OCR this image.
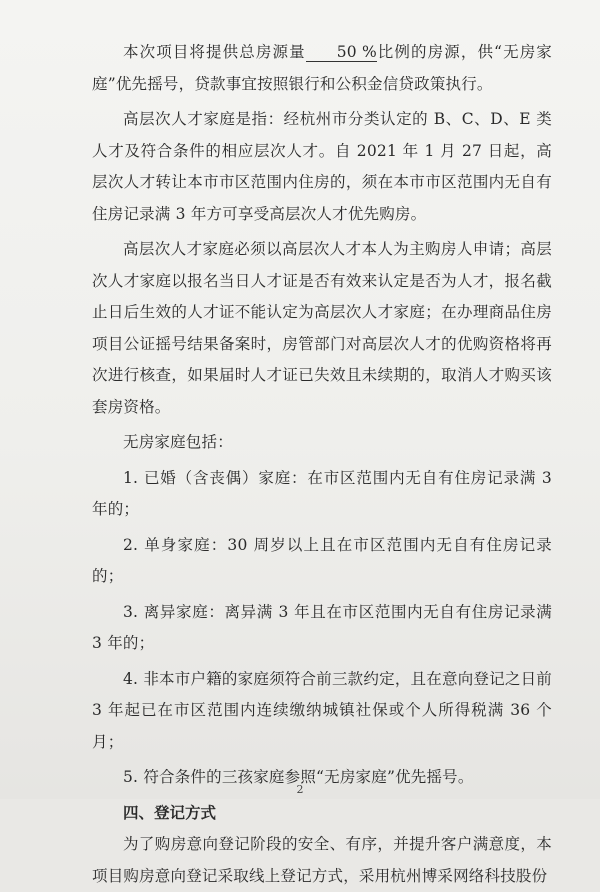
本次项目将提供总房源量 50 %比例的房源，供“无房家庭”优先摇号，贷款事宜按照银行和公积金信贷政策执行。

高层次人才家庭是指：经杭州市分类认定的 B、C、D、E 类人才及符合条件的相应层次人才。自 2021 年 1 月 27 日起，高层次人才转让本市市区范围内住房的，须在本市市区范围内无自有住房记录满 3 年方可享受高层次人才优先购房。

高层次人才家庭必须以高层次人才本人为主购房人申请；高层次人才家庭以报名当日人才证是否有效来认定是否为人才，报名截止日后生效的人才证不能认定为高层次人才家庭；在办理商品住房项目公证摇号结果备案时，房管部门对高层次人才的优购资格将再次进行核查，如果届时人才证已失效且未续期的，取消人才购买该套房资格。

无房家庭包括：

1. 已婚（含丧偶）家庭：在市区范围内无自有住房记录满 3 年的；

2. 单身家庭：30 周岁以上且在市区范围内无自有住房记录的；

3. 离异家庭：离异满 3 年且在市区范围内无自有住房记录满 3 年的；

4. 非本市户籍的家庭须符合前三款约定，且在意向登记之日前 3 年起已在市区范围内连续缴纳城镇社保或个人所得税满 36 个月；

5. 符合条件的三孩家庭参照“无房家庭”优先摇号。

四、登记方式

为了购房意向登记阶段的安全、有序，并提升客户满意度，本项目购房意向登记采取线上登记方式，采用杭州博采网络科技股份

2
